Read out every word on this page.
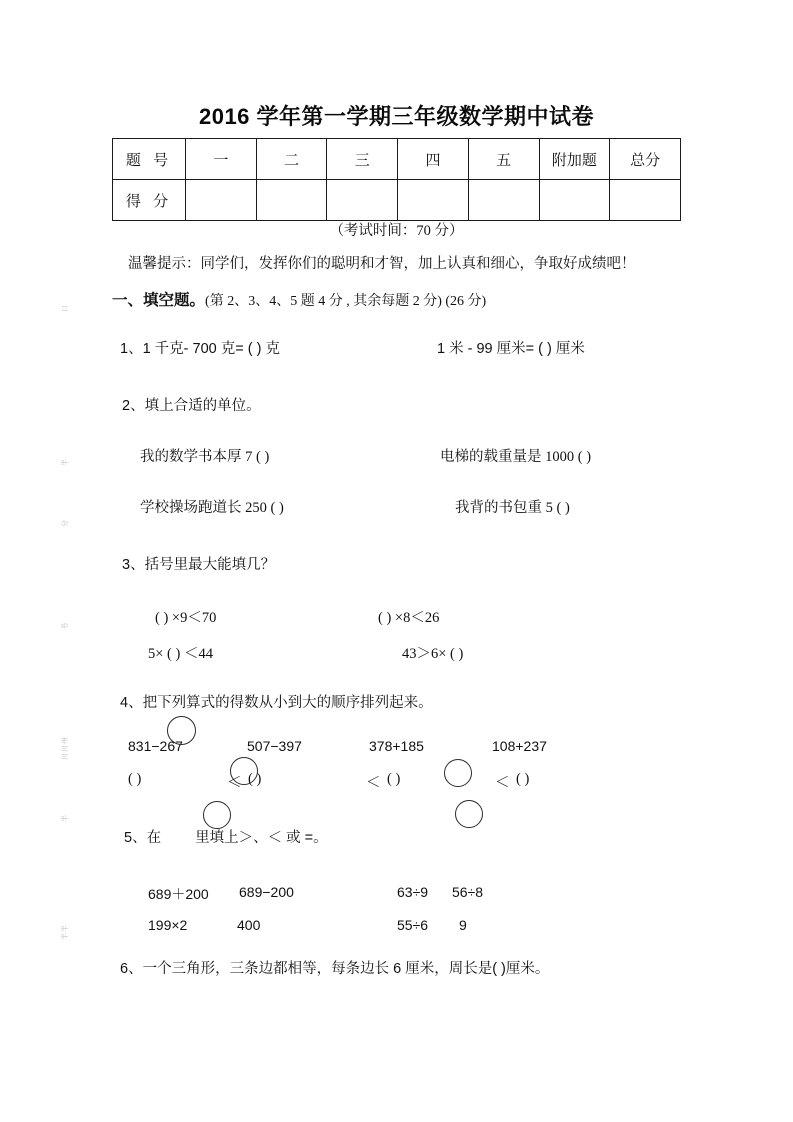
2016 学年第一学期三年级数学期中试卷
题 号	一	二	三	四	五	附加题	总分
得 分							
（考试时间：70 分）
温馨提示：同学们，发挥你们的聪明和才智，加上认真和细心，争取好成绩吧！
一、填空题。(第 2、3、4、5 题 4 分 , 其余每题 2 分) (26 分)
1、1 千克- 700 克= ( ) 克	1 米 - 99 厘米= ( ) 厘米
2、填上合适的单位。
我的数学书本厚 7 ( )	电梯的载重量是 1000 ( )
学校操场跑道长 250 ( )	我背的书包重 5 ( )
3、括号里最大能填几？
( ) ×9＜70	( ) ×8＜26
5× ( ) ＜44	43＞6× ( )
4、把下列算式的得数从小到大的顺序排列起来。
831−267	507−397	378+185	108+237
( )	＜ ( )	＜ ( )	＜ ( )
5、在 里填上＞、＜ 或 =。
689＋200 689−200	63÷9 56÷8
199×2	400	55÷6 9
6、一个三角形，三条边都相等，每条边长 6 厘米，周长是( )厘米。
口
半
分
书
川川州
半
半半
